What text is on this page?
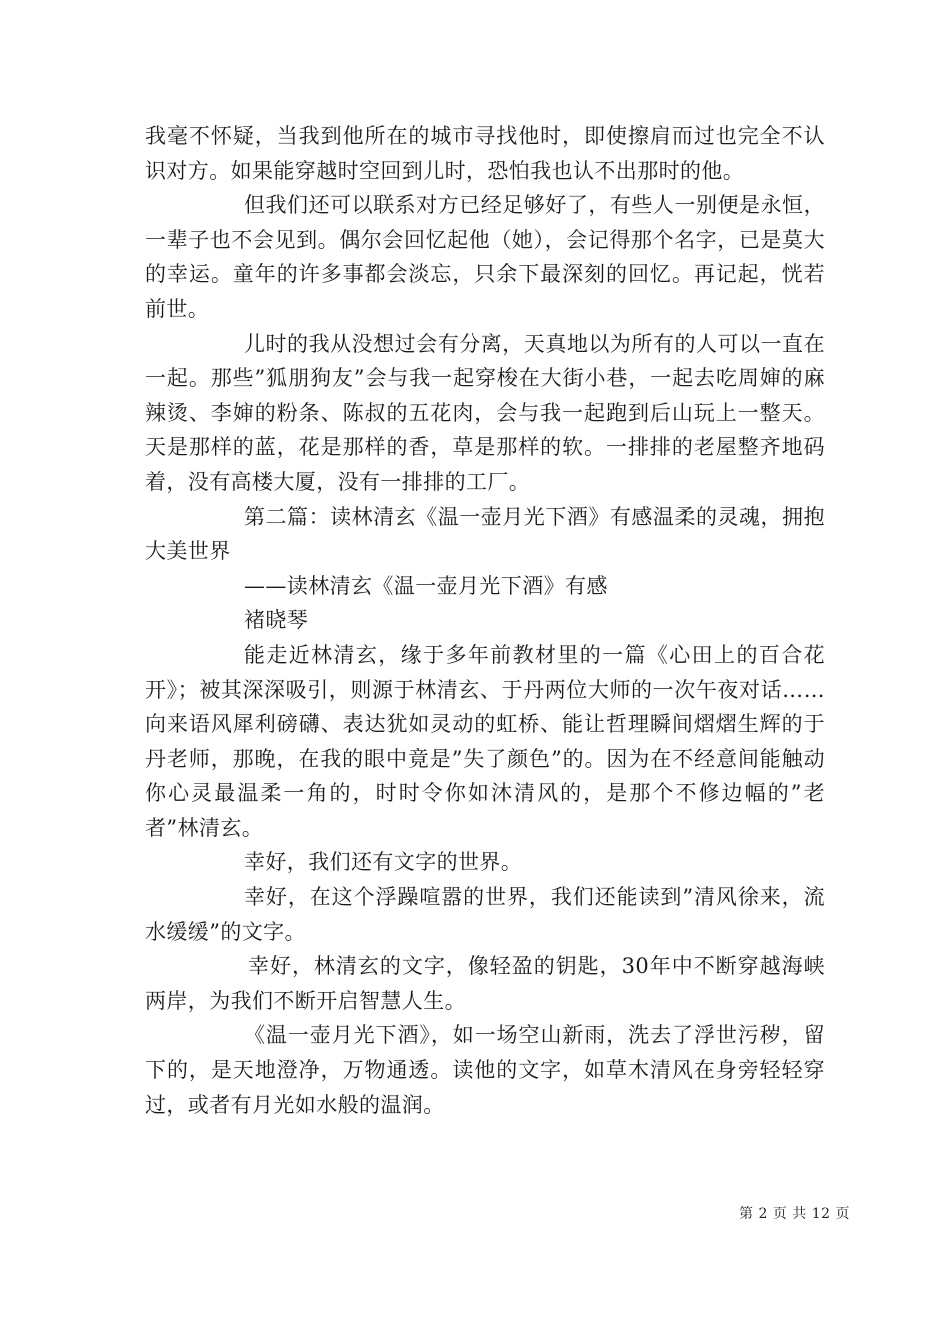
我毫不怀疑，当我到他所在的城市寻找他时，即使擦肩而过也完全不认识对方。如果能穿越时空回到儿时，恐怕我也认不出那时的他。

但我们还可以联系对方已经足够好了，有些人一别便是永恒，一辈子也不会见到。偶尔会回忆起他（她），会记得那个名字，已是莫大的幸运。童年的许多事都会淡忘，只余下最深刻的回忆。再记起，恍若前世。

儿时的我从没想过会有分离，天真地以为所有的人可以一直在一起。那些”狐朋狗友”会与我一起穿梭在大街小巷，一起去吃周婶的麻辣烫、李婶的粉条、陈叔的五花肉，会与我一起跑到后山玩上一整天。天是那样的蓝，花是那样的香，草是那样的软。一排排的老屋整齐地码着，没有高楼大厦，没有一排排的工厂。

第二篇：读林清玄《温一壶月光下酒》有感温柔的灵魂，拥抱大美世界

——读林清玄《温一壶月光下酒》有感

褚晓琴

能走近林清玄，缘于多年前教材里的一篇《心田上的百合花开》；被其深深吸引，则源于林清玄、于丹两位大师的一次午夜对话……向来语风犀利磅礴、表达犹如灵动的虹桥、能让哲理瞬间熠熠生辉的于丹老师，那晚，在我的眼中竟是”失了颜色”的。因为在不经意间能触动你心灵最温柔一角的，时时令你如沐清风的，是那个不修边幅的”老者”林清玄。

幸好，我们还有文字的世界。

幸好，在这个浮躁喧嚣的世界，我们还能读到”清风徐来，流水缓缓”的文字。

幸好，林清玄的文字，像轻盈的钥匙，30年中不断穿越海峡两岸，为我们不断开启智慧人生。

《温一壶月光下酒》，如一场空山新雨，洗去了浮世污秽，留下的，是天地澄净，万物通透。读他的文字，如草木清风在身旁轻轻穿过，或者有月光如水般的温润。

第 2 页 共 12 页
